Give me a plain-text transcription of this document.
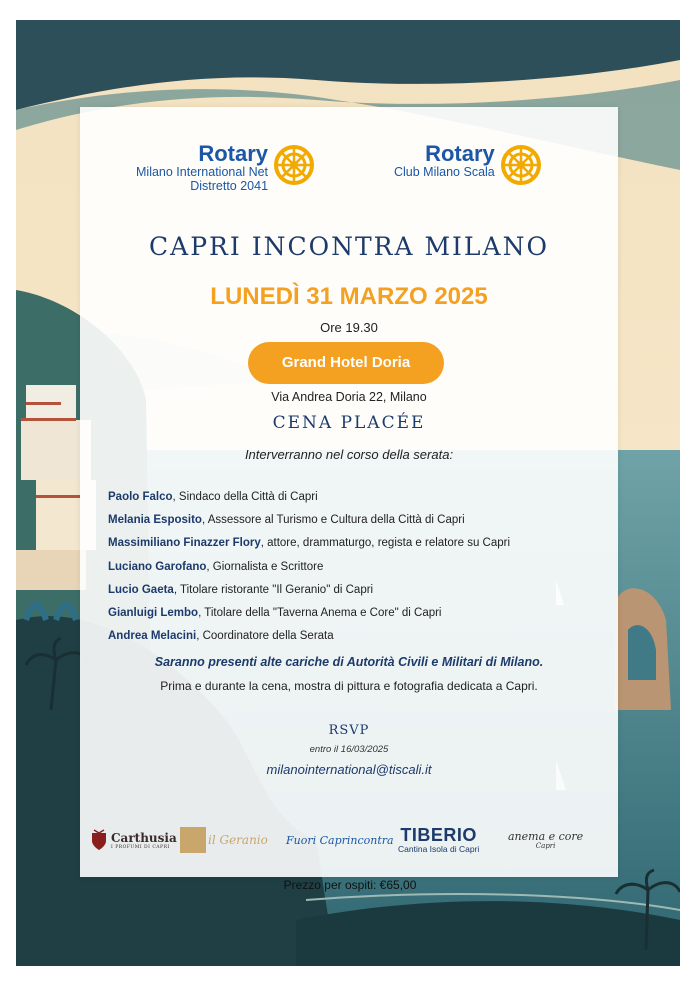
Rotary
Milano International Net
Distretto 2041
Rotary
Club Milano Scala
CAPRI INCONTRA MILANO
LUNEDÌ 31 MARZO 2025
Ore 19.30
Grand Hotel Doria
Via Andrea Doria 22, Milano
CENA PLACÉE
Interverranno nel corso della serata:
Paolo Falco, Sindaco della Città di Capri
Melania Esposito, Assessore al Turismo e Cultura della Città di Capri
Massimiliano Finazzer Flory, attore, drammaturgo, regista e relatore su Capri
Luciano Garofano, Giornalista e Scrittore
Lucio Gaeta, Titolare ristorante "Il Geranio" di Capri
Gianluigi Lembo, Titolare della "Taverna Anema e Core" di Capri
Andrea Melacini, Coordinatore della Serata
Saranno presenti alte cariche di Autorità Civili e Militari di Milano.
Prima e durante la cena, mostra di pittura e fotografia dedicata a Capri.
RSVP
entro il 16/03/2025
milanointernational@tiscali.it
Carthusia
I PROFUMI DI CAPRI	il Geranio Fuori Caprincontra TIBERIO
Cantina Isola di Capri
anema e core
Capri
Prezzo per ospiti: €65,00
